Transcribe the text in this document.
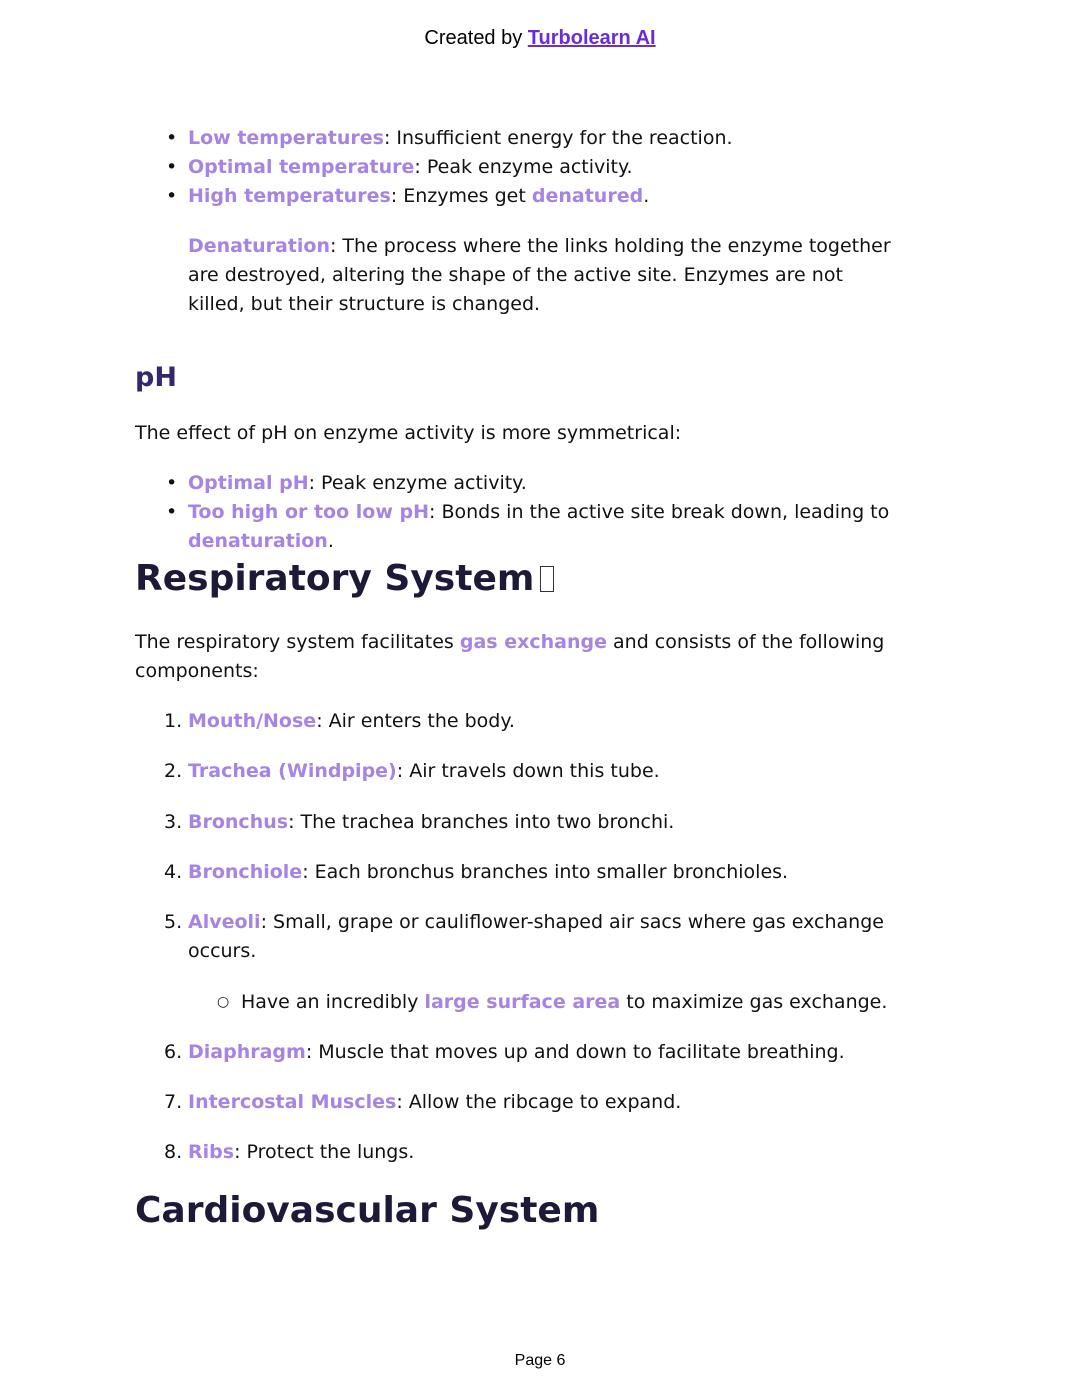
Created by Turbolearn AI
• Low temperatures: Insufficient energy for the reaction.
• Optimal temperature: Peak enzyme activity.
• High temperatures: Enzymes get denatured.
Denaturation: The process where the links holding the enzyme together are destroyed, altering the shape of the active site. Enzymes are not killed, but their structure is changed.
pH
The effect of pH on enzyme activity is more symmetrical:
• Optimal pH: Peak enzyme activity.
• Too high or too low pH: Bonds in the active site break down, leading to denaturation.
Respiratory System
The respiratory system facilitates gas exchange and consists of the following components:
1. Mouth/Nose: Air enters the body.
2. Trachea (Windpipe): Air travels down this tube.
3. Bronchus: The trachea branches into two bronchi.
4. Bronchiole: Each bronchus branches into smaller bronchioles.
5. Alveoli: Small, grape or cauliflower-shaped air sacs where gas exchange occurs.
6. Diaphragm: Muscle that moves up and down to facilitate breathing.
7. Intercostal Muscles: Allow the ribcage to expand.
8. Ribs: Protect the lungs.
○ Have an incredibly large surface area to maximize gas exchange.
Cardiovascular System
Page 6
